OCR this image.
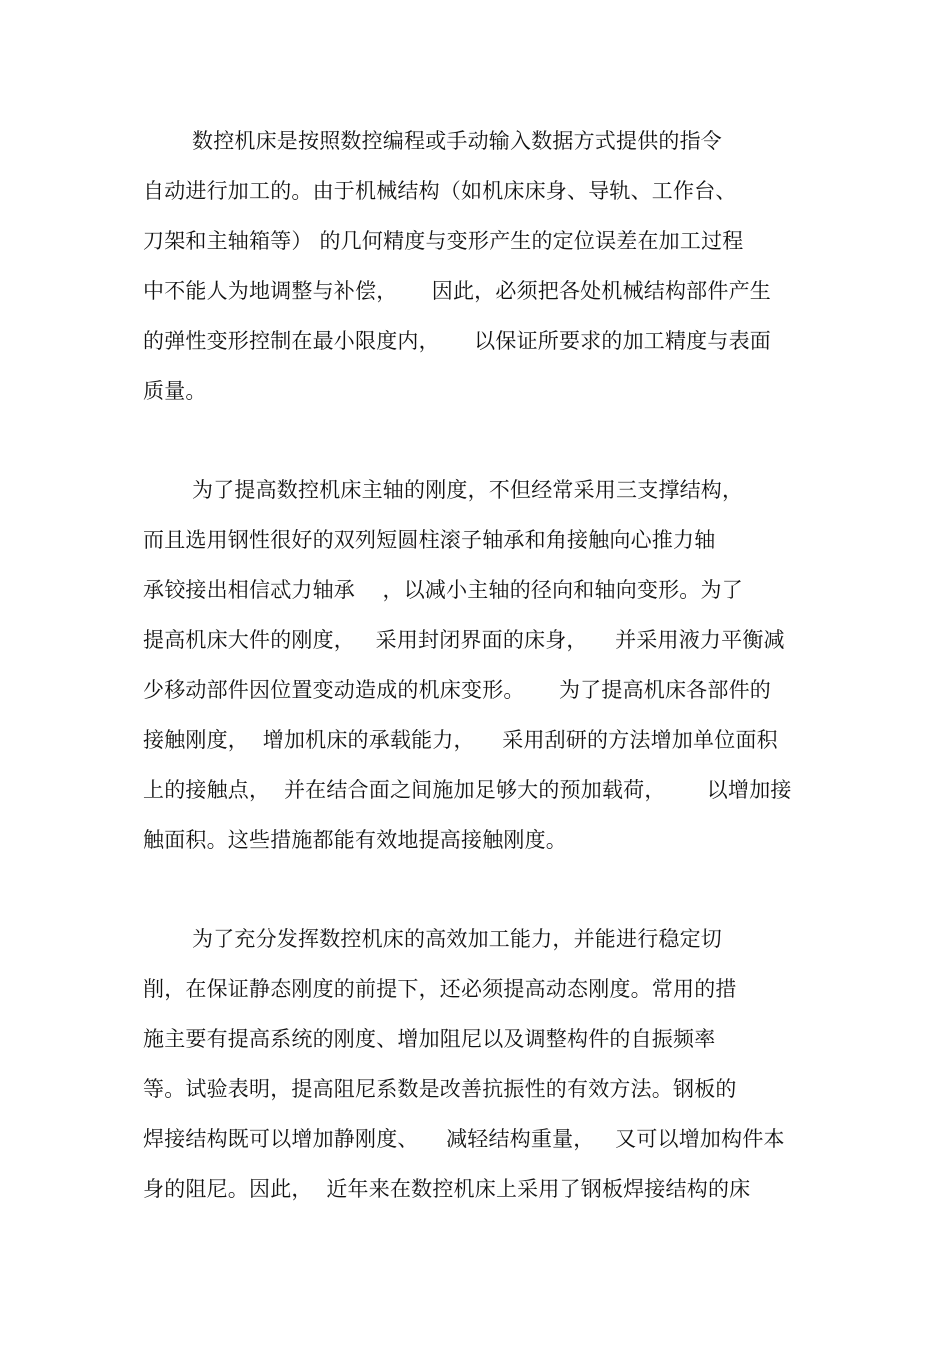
数控机床是按照数控编程或手动输入数据方式提供的指令
自动进行加工的。由于机械结构（如机床床身、导轨、工作台、
刀架和主轴箱等） 的几何精度与变形产生的定位误差在加工过程
中不能人为地调整与补偿，     因此，必须把各处机械结构部件产生
的弹性变形控制在最小限度内，     以保证所要求的加工精度与表面
质量。
为了提高数控机床主轴的刚度，不但经常采用三支撑结构，
而且选用钢性很好的双列短圆柱滚子轴承和角接触向心推力轴
承铰接出相信忒力轴承    ，以减小主轴的径向和轴向变形。为了
提高机床大件的刚度，   采用封闭界面的床身，    并采用液力平衡减
少移动部件因位置变动造成的机床变形。     为了提高机床各部件的
接触刚度，  增加机床的承载能力，    采用刮研的方法增加单位面积
上的接触点，  并在结合面之间施加足够大的预加载荷，      以增加接
触面积。这些措施都能有效地提高接触刚度。
为了充分发挥数控机床的高效加工能力，并能进行稳定切
削，在保证静态刚度的前提下，还必须提高动态刚度。常用的措
施主要有提高系统的刚度、增加阻尼以及调整构件的自振频率
等。试验表明，提高阻尼系数是改善抗振性的有效方法。钢板的
焊接结构既可以增加静刚度、    减轻结构重量，   又可以增加构件本
身的阻尼。因此，  近年来在数控机床上采用了钢板焊接结构的床
